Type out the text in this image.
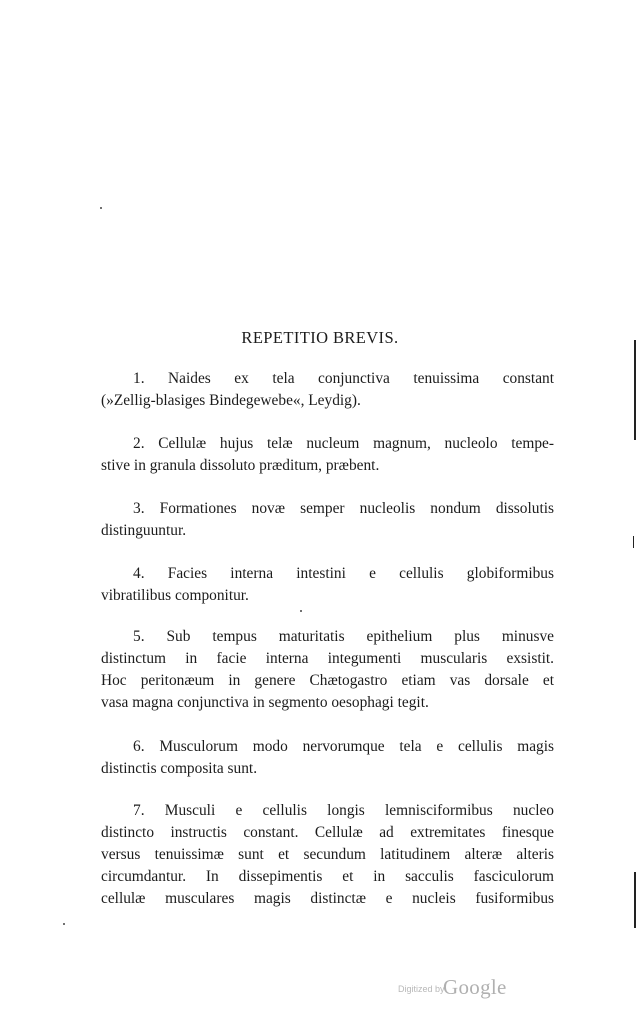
REPETITIO BREVIS.

1. Naides ex tela conjunctiva tenuissima constant
(»Zellig-blasiges Bindegewebe«, Leydig).

2. Cellulæ hujus telæ nucleum magnum, nucleolo tempe-
stive in granula dissoluto præditum, præbent.

3. Formationes novæ semper nucleolis nondum dissolutis
distinguuntur.

4. Facies interna intestini e cellulis globiformibus
vibratilibus componitur.

5. Sub tempus maturitatis epithelium plus minusve
distinctum in facie interna integumenti muscularis exsistit.
Hoc peritonæum in genere Chætogastro etiam vas dorsale et
vasa magna conjunctiva in segmento oesophagi tegit.

6. Musculorum modo nervorumque tela e cellulis magis
distinctis composita sunt.

7. Musculi e cellulis longis lemnisciformibus nucleo
distincto instructis constant. Cellulæ ad extremitates finesque
versus tenuissimæ sunt et secundum latitudinem alteræ alteris
circumdantur. In dissepimentis et in sacculis fasciculorum
cellulæ musculares magis distinctæ e nucleis fusiformibus

Digitized by
Google
